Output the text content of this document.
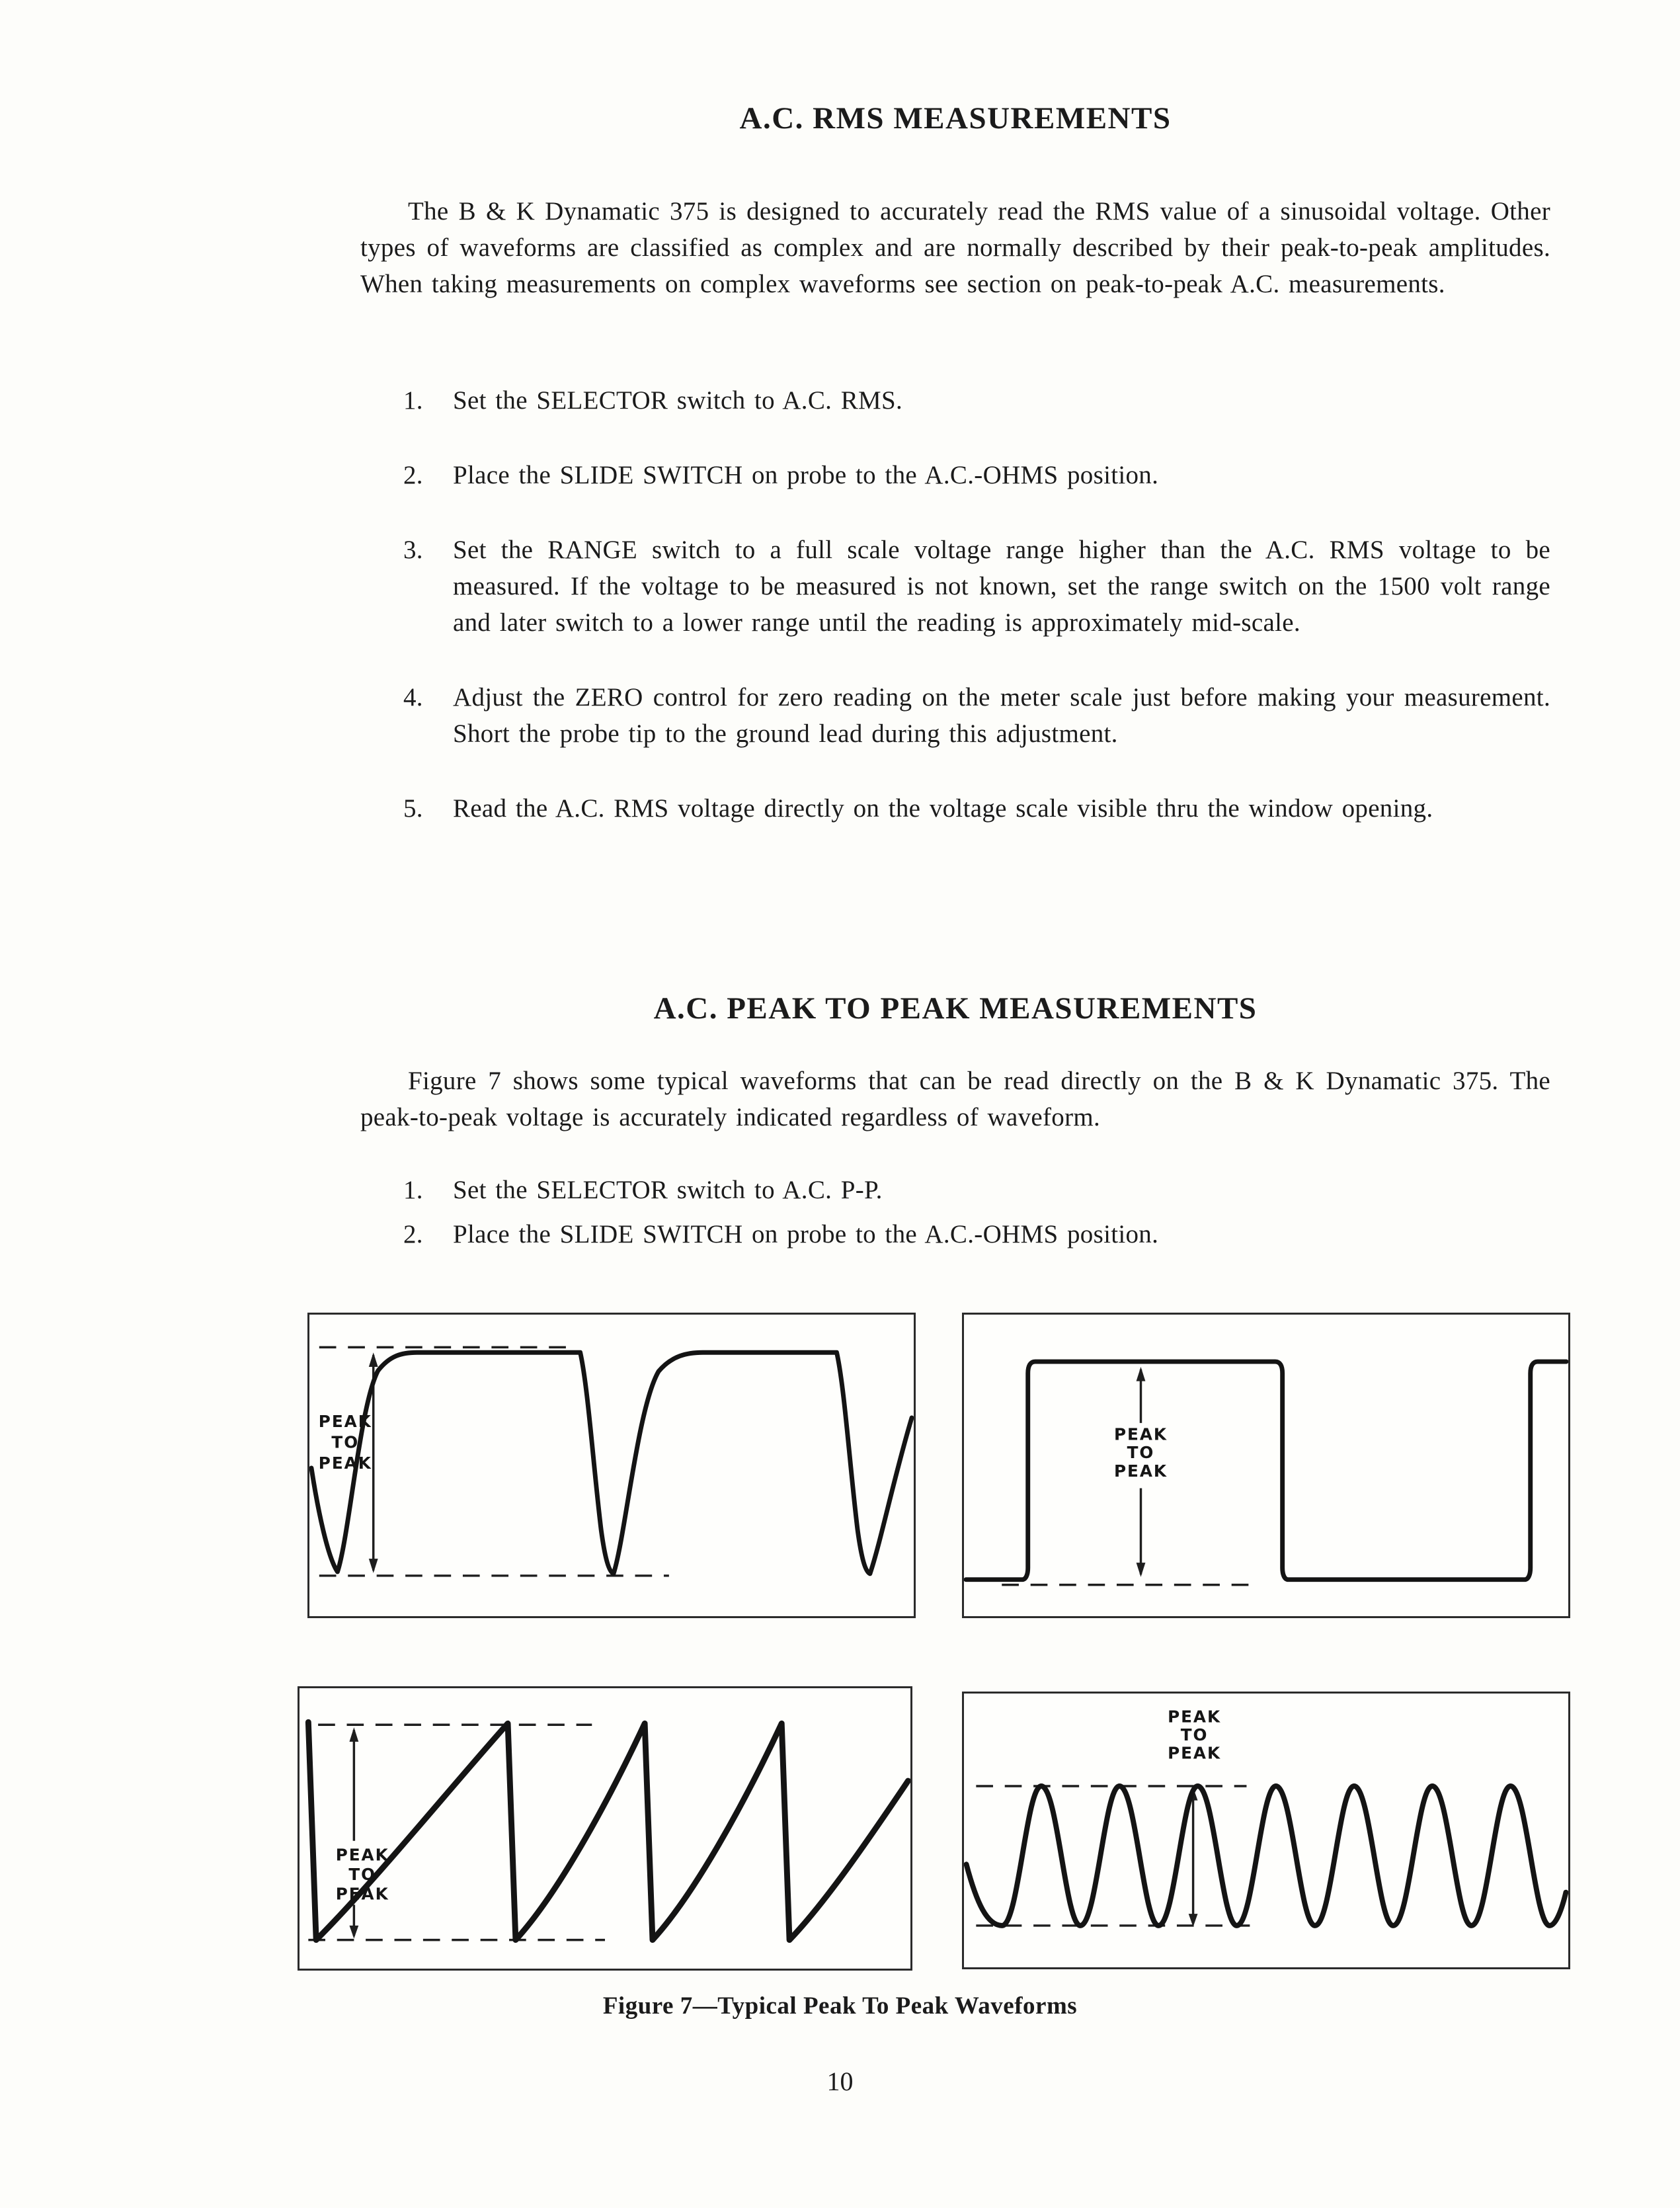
A.C. RMS MEASUREMENTS
The B & K Dynamatic 375 is designed to accurately read the RMS value of a sinusoidal voltage. Other types of waveforms are classified as complex and are normally described by their peak-to-peak amplitudes. When taking measurements on complex waveforms see section on peak-to-peak A.C. measurements.
1.	Set the SELECTOR switch to A.C. RMS.
2.	Place the SLIDE SWITCH on probe to the A.C.-OHMS position.
3.	Set the RANGE switch to a full scale voltage range higher than the A.C. RMS voltage to be measured. If the voltage to be measured is not known, set the range switch on the 1500 volt range and later switch to a lower range until the reading is approximately mid-scale.
4.	Adjust the ZERO control for zero reading on the meter scale just before making your measurement. Short the probe tip to the ground lead during this adjustment.
5.	Read the A.C. RMS voltage directly on the voltage scale visible thru the window opening.
A.C. PEAK TO PEAK MEASUREMENTS
Figure 7 shows some typical waveforms that can be read directly on the B & K Dynamatic 375. The peak-to-peak voltage is accurately indicated regardless of waveform.
1.	Set the SELECTOR switch to A.C. P-P.
2.	Place the SLIDE SWITCH on probe to the A.C.-OHMS position.
PEAK
TO
PEAK
PEAK
TO
PEAK
PEAK
TO
PEAK
PEAK
TO
PEAK
Figure 7—Typical Peak To Peak Waveforms
10
